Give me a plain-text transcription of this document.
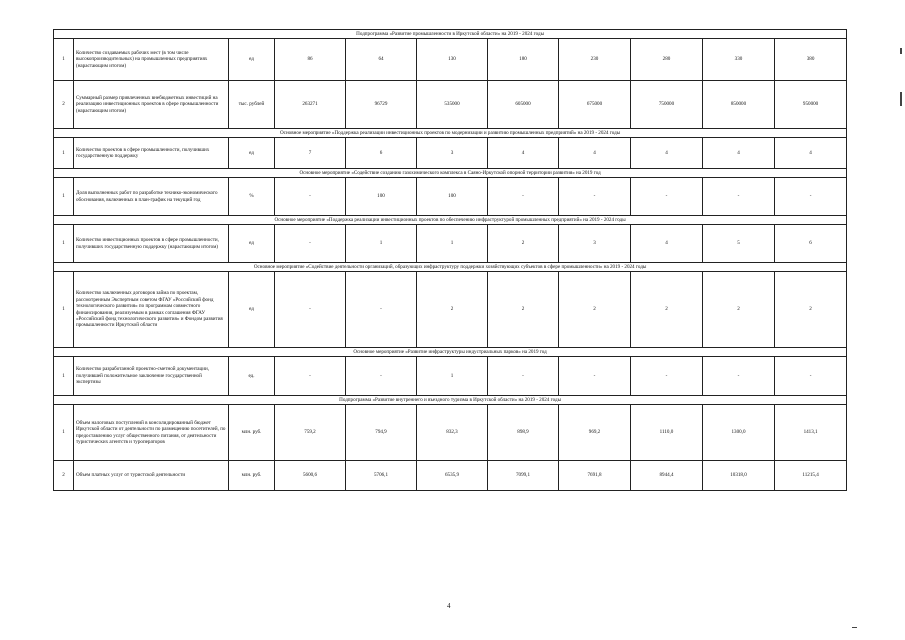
Подпрограмма «Развитие промышленности в Иркутской области» на 2019 - 2024 годы										
1	Количество создаваемых рабочих мест (в том числе высокопроизводительных) на промышленных предприятиях (нарастающим итогом)	ед	86	64	130	180	230	280	330	380
2	Суммарный размер привлеченных внебюджетных инвестиций на реализацию инвестиционных проектов в сфере промышленности (нарастающим итогом)	тыс. рублей	263271	96729	535000	605000	675000	750000	850000	950000
Основное мероприятие «Поддержка реализации инвестиционных проектов по модернизации и развитию промышленных предприятий» на 2019 - 2024 годы										
1	Количество проектов в сфере промышленности, получивших государственную поддержку	ед	7	6	3	4	4	4	4	4
Основное мероприятие «Содействие созданию газохимического комплекса в Саяно-Иркутской опорной территории развития» на 2019 год										
1	Доля выполненных работ по разработке технико-экономического обоснования, включенных в план-график на текущий год	%	-	100	100	-	-	-	-	-
Основное мероприятие «Поддержка реализации инвестиционных проектов по обеспечению инфраструктурой промышленных предприятий» на 2019 - 2024 годы										
1	Количество инвестиционных проектов в сфере промышленности, получивших государственную поддержку (нарастающим итогом)	ед	-	1	1	2	3	4	5	6
Основное мероприятие «Содействие деятельности организаций, образующих инфраструктуру поддержки хозяйствующих субъектов в сфере промышленности» на 2019 - 2024 годы										
1	Количество заключенных договоров займа по проектам, рассмотренным Экспертным советом ФГАУ «Российский фонд технологического развития» по программам совместного финансирования, реализуемым в рамках соглашения ФГАУ «Российский фонд технологического развития» и Фондом развития промышленности Иркутской области	ед	-	-	2	2	2	2	2	2
Основное мероприятие «Развитие инфраструктуры индустриальных парков» на 2019 год										
1	Количество разработанной проектно-сметной документации, получившей положительное заключение государственной экспертизы	ед.	-	-	1	-	-	-	-	-
Подпрограмма «Развитие внутреннего и въездного туризма в Иркутской области» на 2019 - 2024 годы										
1	Объем налоговых поступлений в консолидированный бюджет Иркутской области от деятельности по размещению посетителей, по предоставлению услуг общественного питания, от деятельности туристических агентств и туроператоров	млн. руб.	759,2	794,9	832,3	898,9	969,2	1110,0	1300,0	1413,1
2	Объем платных услуг от туристской деятельности	млн. руб.	5600,6	5706,1	6535,9	7099,1	7691,8	8944,4	10318,0	11215,4
4
